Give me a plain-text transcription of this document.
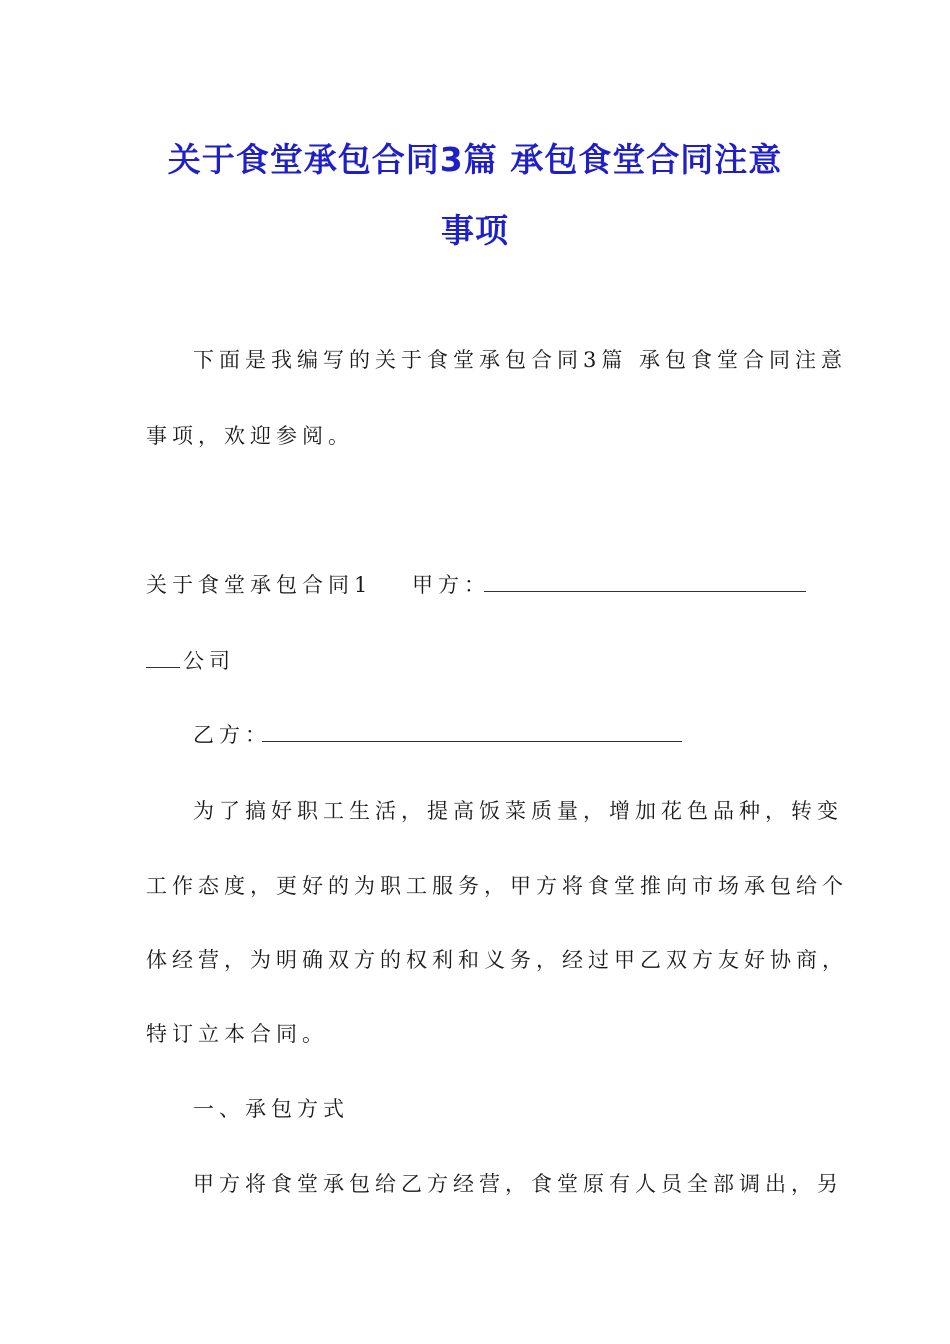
关于食堂承包合同3篇 承包食堂合同注意
事项

下面是我编写的关于食堂承包合同3篇 承包食堂合同注意

事项，欢迎参阅。

关于食堂承包合同1 甲方：

公司

乙方：

为了搞好职工生活，提高饭菜质量，增加花色品种，转变

工作态度，更好的为职工服务，甲方将食堂推向市场承包给个

体经营，为明确双方的权利和义务，经过甲乙双方友好协商，

特订立本合同。

一、承包方式

甲方将食堂承包给乙方经营，食堂原有人员全部调出，另
